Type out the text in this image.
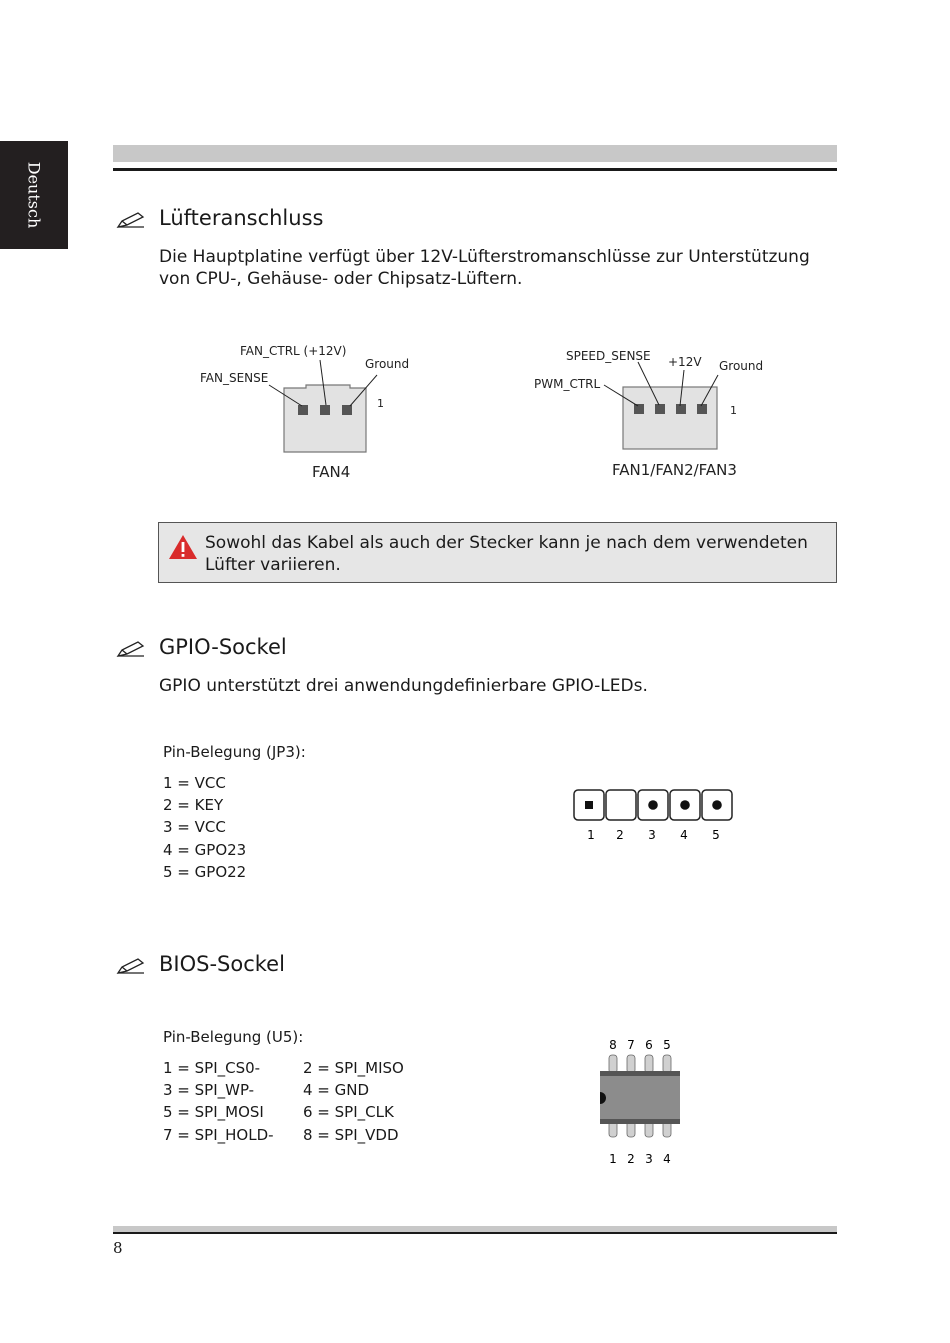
Deutsch	Lüfteranschluss

Die Hauptplatine verfügt über 12V-Lüfterstromanschlüsse zur Unterstützung von CPU-, Gehäuse- oder Chipsatz-Lüftern.

FAN_CTRL (+12V)
Ground
FAN_SENSE
1
FAN4
SPEED_SENSE +12V Ground
PWM_CTRL
1
FAN1/FAN2/FAN3
Sowohl das Kabel als auch der Stecker kann je nach dem verwendeten Lüfter variieren.
GPIO-Sockel

GPIO unterstützt drei anwendungdefinierbare GPIO-LEDs.

Pin-Belegung (JP3):
1 = VCC
2 = KEY
3 = VCC
4 = GPO23
5 = GPO22
1 2 3 4 5
BIOS-Sockel
Pin-Belegung (U5):
1 = SPI_CS0-
3 = SPI_WP-
5 = SPI_MOSI
7 = SPI_HOLD-
2 = SPI_MISO
4 = GND
6 = SPI_CLK
8 = SPI_VDD
8 7 6 5
1 2 3 4
8
